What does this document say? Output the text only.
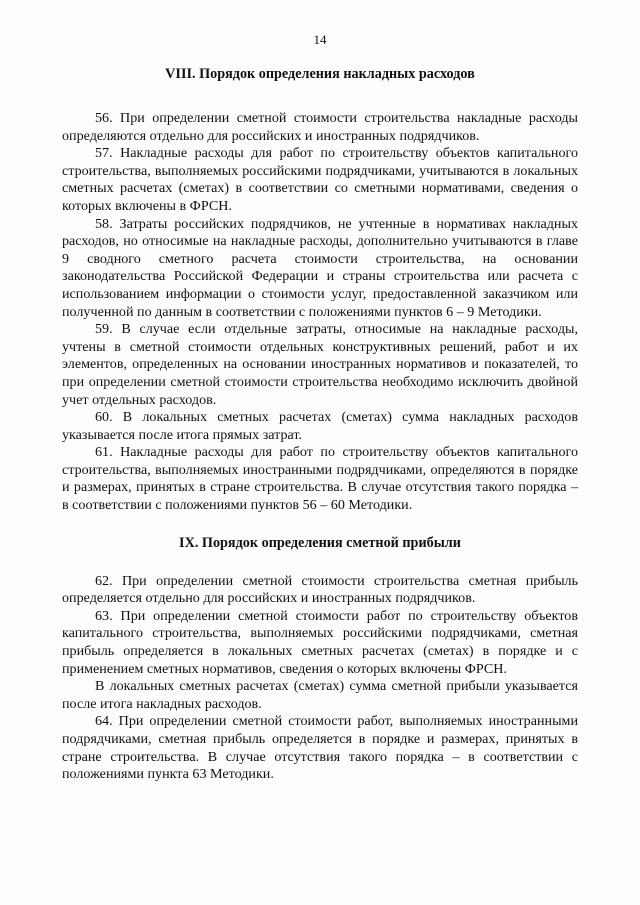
14
VIII. Порядок определения накладных расходов

56. При определении сметной стоимости строительства накладные расходы определяются отдельно для российских и иностранных подрядчиков.

57. Накладные расходы для работ по строительству объектов капитального строительства, выполняемых российскими подрядчиками, учитываются в локальных сметных расчетах (сметах) в соответствии со сметными нормативами, сведения о которых включены в ФРСН.

58. Затраты российских подрядчиков, не учтенные в нормативах накладных расходов, но относимые на накладные расходы, дополнительно учитываются в главе 9 сводного сметного расчета стоимости строительства, на основании законодательства Российской Федерации и страны строительства или расчета с использованием информации о стоимости услуг, предоставленной заказчиком или полученной по данным в соответствии с положениями пунктов 6 – 9 Методики.

59. В случае если отдельные затраты, относимые на накладные расходы, учтены в сметной стоимости отдельных конструктивных решений, работ и их элементов, определенных на основании иностранных нормативов и показателей, то при определении сметной стоимости строительства необходимо исключить двойной учет отдельных расходов.

60. В локальных сметных расчетах (сметах) сумма накладных расходов указывается после итога прямых затрат.

61. Накладные расходы для работ по строительству объектов капитального строительства, выполняемых иностранными подрядчиками, определяются в порядке и размерах, принятых в стране строительства. В случае отсутствия такого порядка – в соответствии с положениями пунктов 56 – 60 Методики.

IX. Порядок определения сметной прибыли

62. При определении сметной стоимости строительства сметная прибыль определяется отдельно для российских и иностранных подрядчиков.

63. При определении сметной стоимости работ по строительству объектов капитального строительства, выполняемых российскими подрядчиками, сметная прибыль определяется в локальных сметных расчетах (сметах) в порядке и с применением сметных нормативов, сведения о которых включены ФРСН.

В локальных сметных расчетах (сметах) сумма сметной прибыли указывается после итога накладных расходов.

64. При определении сметной стоимости работ, выполняемых иностранными подрядчиками, сметная прибыль определяется в порядке и размерах, принятых в стране строительства. В случае отсутствия такого порядка – в соответствии с положениями пункта 63 Методики.
